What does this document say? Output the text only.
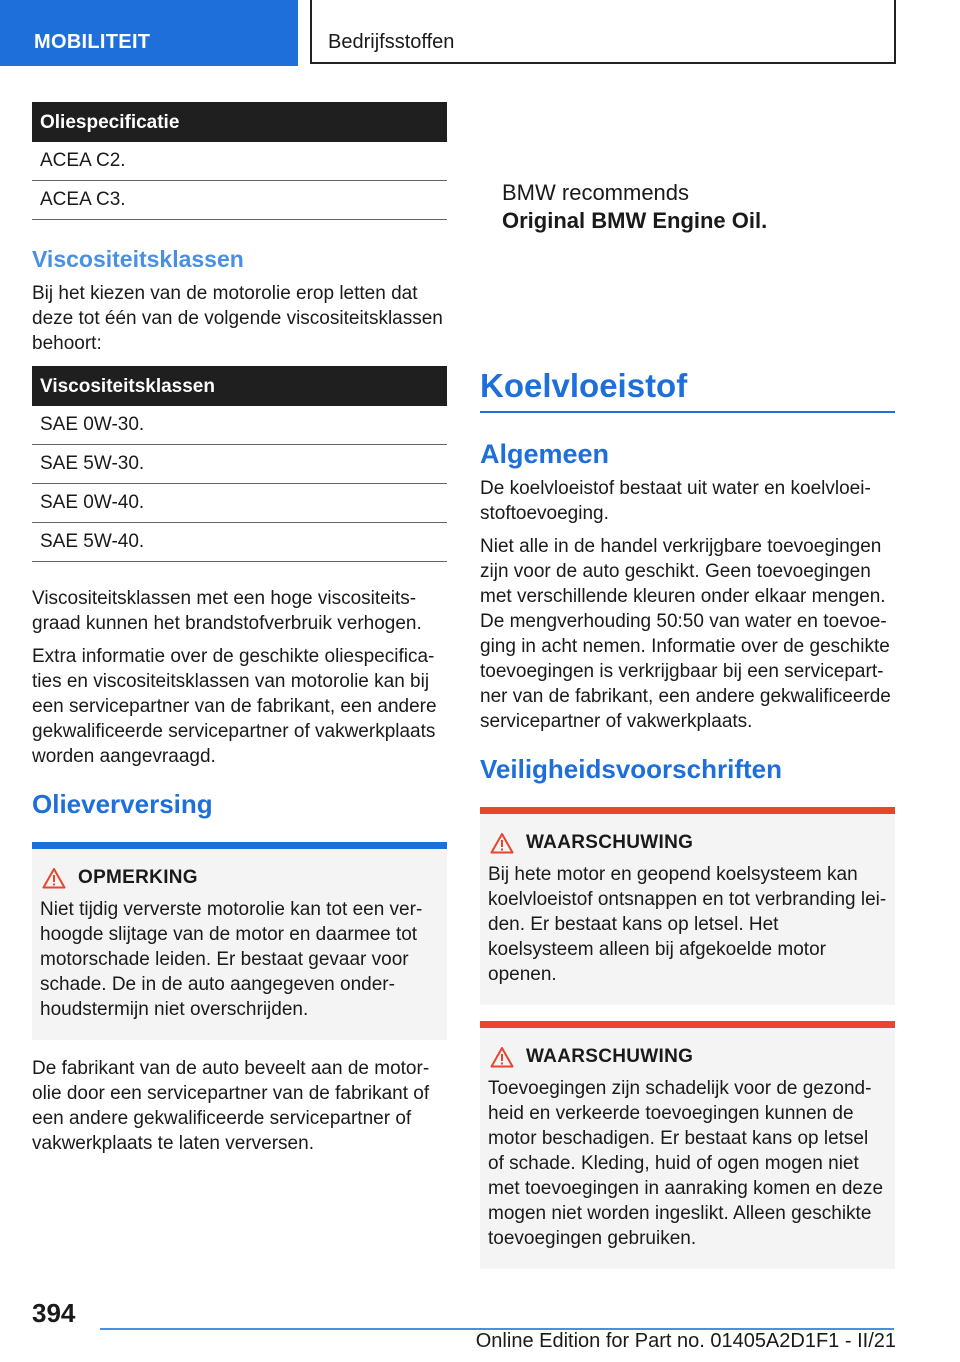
MOBILITEIT	Bedrijfsstoffen
Oliespecificatie
ACEA C2.
ACEA C3.
Viscositeitsklassen

Bij het kiezen van de motorolie erop letten dat deze tot één van de volgende viscositeitsklassen behoort:

Viscositeitsklassen
SAE 0W-30.
SAE 5W-30.
SAE 0W-40.
SAE 5W-40.

Viscositeitsklassen met een hoge viscositeitsgraad kunnen het brandstofverbruik verhogen.

Extra informatie over de geschikte oliespecificaties en viscositeitsklassen van motorolie kan bij een servicepartner van de fabrikant, een andere gekwalificeerde servicepartner of vakwerkplaats worden aangevraagd.

Olieverversing
OPMERKING
Niet tijdig ververste motorolie kan tot een verhoogde slijtage van de motor en daarmee tot motorschade leiden. Er bestaat gevaar voor schade. De in de auto aangegeven onderhoudstermijn niet overschrijden.

De fabrikant van de auto beveelt aan de motorolie door een servicepartner van de fabrikant of een andere gekwalificeerde servicepartner of vakwerkplaats te laten verversen.

BMW recommends
Original BMW Engine Oil.
Koelvloeistof
Algemeen

De koelvloeistof bestaat uit water en koelvloeistoftoevoeging.

Niet alle in de handel verkrijgbare toevoegingen zijn voor de auto geschikt. Geen toevoegingen met verschillende kleuren onder elkaar mengen. De mengverhouding 50:50 van water en toevoeging in acht nemen. Informatie over de geschikte toevoegingen is verkrijgbaar bij een servicepartner van de fabrikant, een andere gekwalificeerde servicepartner of vakwerkplaats.

Veiligheidsvoorschriften
WAARSCHUWING
Bij hete motor en geopend koelsysteem kan koelvloeistof ontsnappen en tot verbranding leiden. Er bestaat kans op letsel. Het koelsysteem alleen bij afgekoelde motor openen.
WAARSCHUWING
Toevoegingen zijn schadelijk voor de gezondheid en verkeerde toevoegingen kunnen de motor beschadigen. Er bestaat kans op letsel of schade. Kleding, huid of ogen mogen niet met toevoegingen in aanraking komen en deze mogen niet worden ingeslikt. Alleen geschikte toevoegingen gebruiken.
394
Online Edition for Part no. 01405A2D1F1 - II/21
